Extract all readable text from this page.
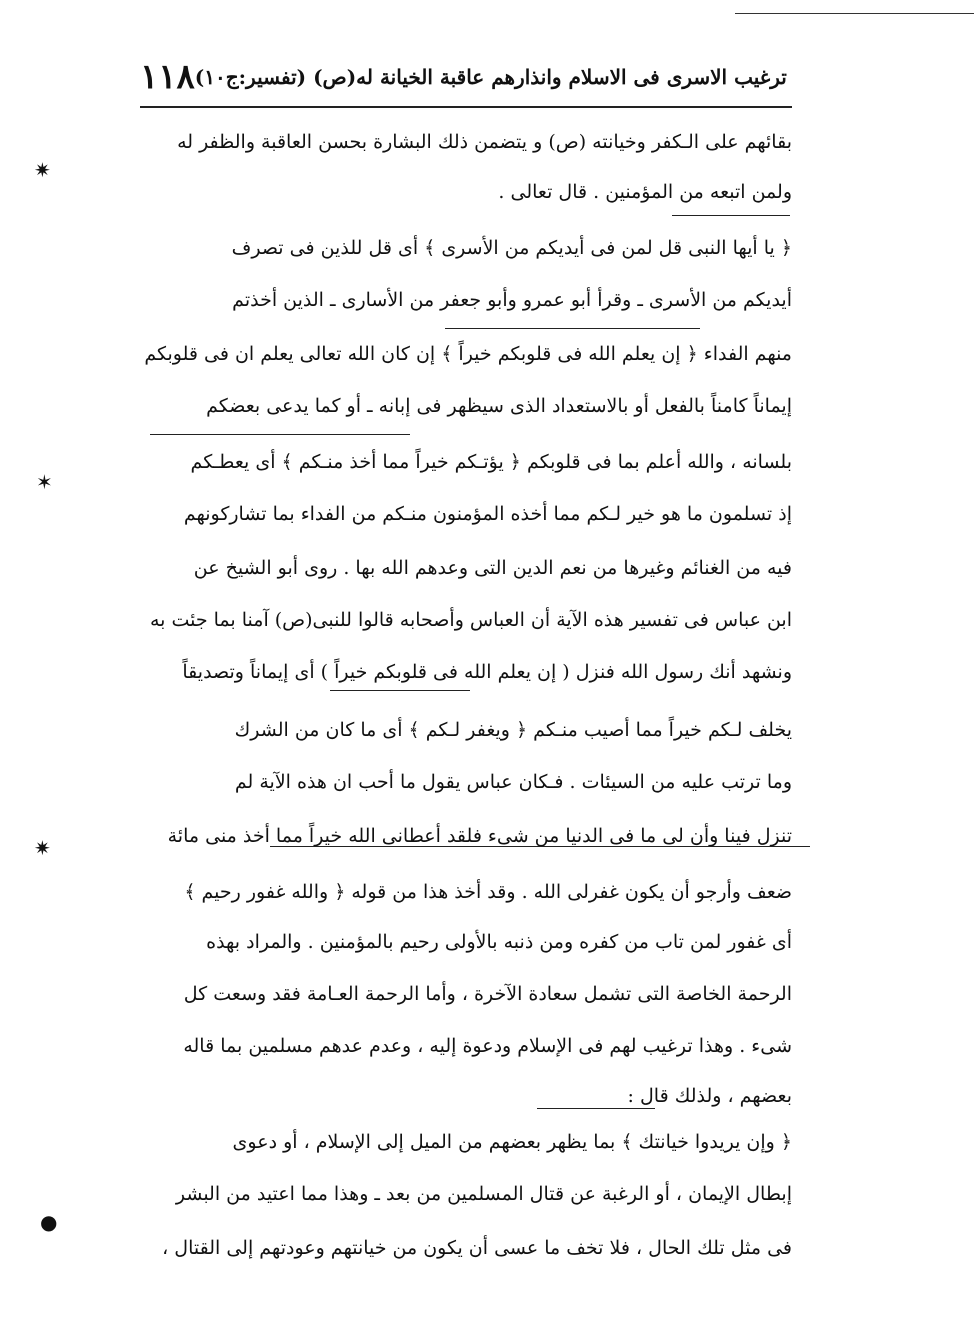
١١٨ ترغيب الاسرى فى الاسلام وانذارهم عاقبة الخيانة له(ص) (تفسير:ج١٠)
بقائهم على الـكفر وخيانته (ص) و يتضمن ذلك البشارة بحسن العاقبة والظفر له
ولمن اتبعه من المؤمنين . قال تعالى .
﴿ يا أيها النبى قل لمن فى أيديكم من الأسرى ﴾ أى قل للذين فى تصرف
أيديكم من الأسرى ـ وقرأ أبو عمرو وأبو جعفر من الأسارى ـ الذين أخذتم
منهم الفداء ﴿ إن يعلم الله فى قلوبكم خيراً ﴾ إن كان الله تعالى يعلم ان فى قلوبكم
إيماناً كامناً بالفعل أو بالاستعداد الذى سيظهر فى إبانه ـ أو كما يدعى بعضكم
بلسانه ، والله أعلم بما فى قلوبكم ﴿ يؤتـكم خيراً مما أخذ منـكم ﴾ أى يعطـكم
إذ تسلمون ما هو خير لـكم مما أخذه المؤمنون منـكم من الفداء بما تشاركونهم
فيه من الغنائم وغيرها من نعم الدين التى وعدهم الله بها . روى أبو الشيخ عن
ابن عباس فى تفسير هذه الآية أن العباس وأصحابه قالوا للنبى(ص) آمنا بما جئت به
ونشهد أنك رسول الله فنزل ( إن يعلم الله فى قلوبكم خيراً ) أى إيماناً وتصديقاً
يخلف لـكم خيراً مما أصيب منـكم ﴿ ويغفر لـكم ﴾ أى ما كان من الشرك
وما ترتب عليه من السيئات . فـكان عباس يقول ما أحب ان هذه الآية لم
تنزل فينا وأن لى ما فى الدنيا من شىء فلقد أعطانى الله خيراً مما أخذ منى مائة
ضعف وأرجو أن يكون غفرلى الله . وقد أخذ هذا من قوله ﴿ والله غفور رحيم ﴾
أى غفور لمن تاب من كفره ومن ذنبه بالأولى رحيم بالمؤمنين . والمراد بهذه
الرحمة الخاصة التى تشمل سعادة الآخرة ، وأما الرحمة العـامة فقد وسعت كل
شىء . وهذا ترغيب لهم فى الإسلام ودعوة إليه ، وعدم عدهم مسلمين بما قاله
بعضهم ، ولذلك قال :
﴿ وإن يريدوا خيانتك ﴾ بما يظهر بعضهم من الميل إلى الإسلام ، أو دعوى
إبطال الإيمان ، أو الرغبة عن قتال المسلمين من بعد ـ وهذا مما اعتيد من البشر
فى مثل تلك الحال ، فلا تخف ما عسى أن يكون من خيانتهم وعودتهم إلى القتال ،
✷
✶
✷
●
